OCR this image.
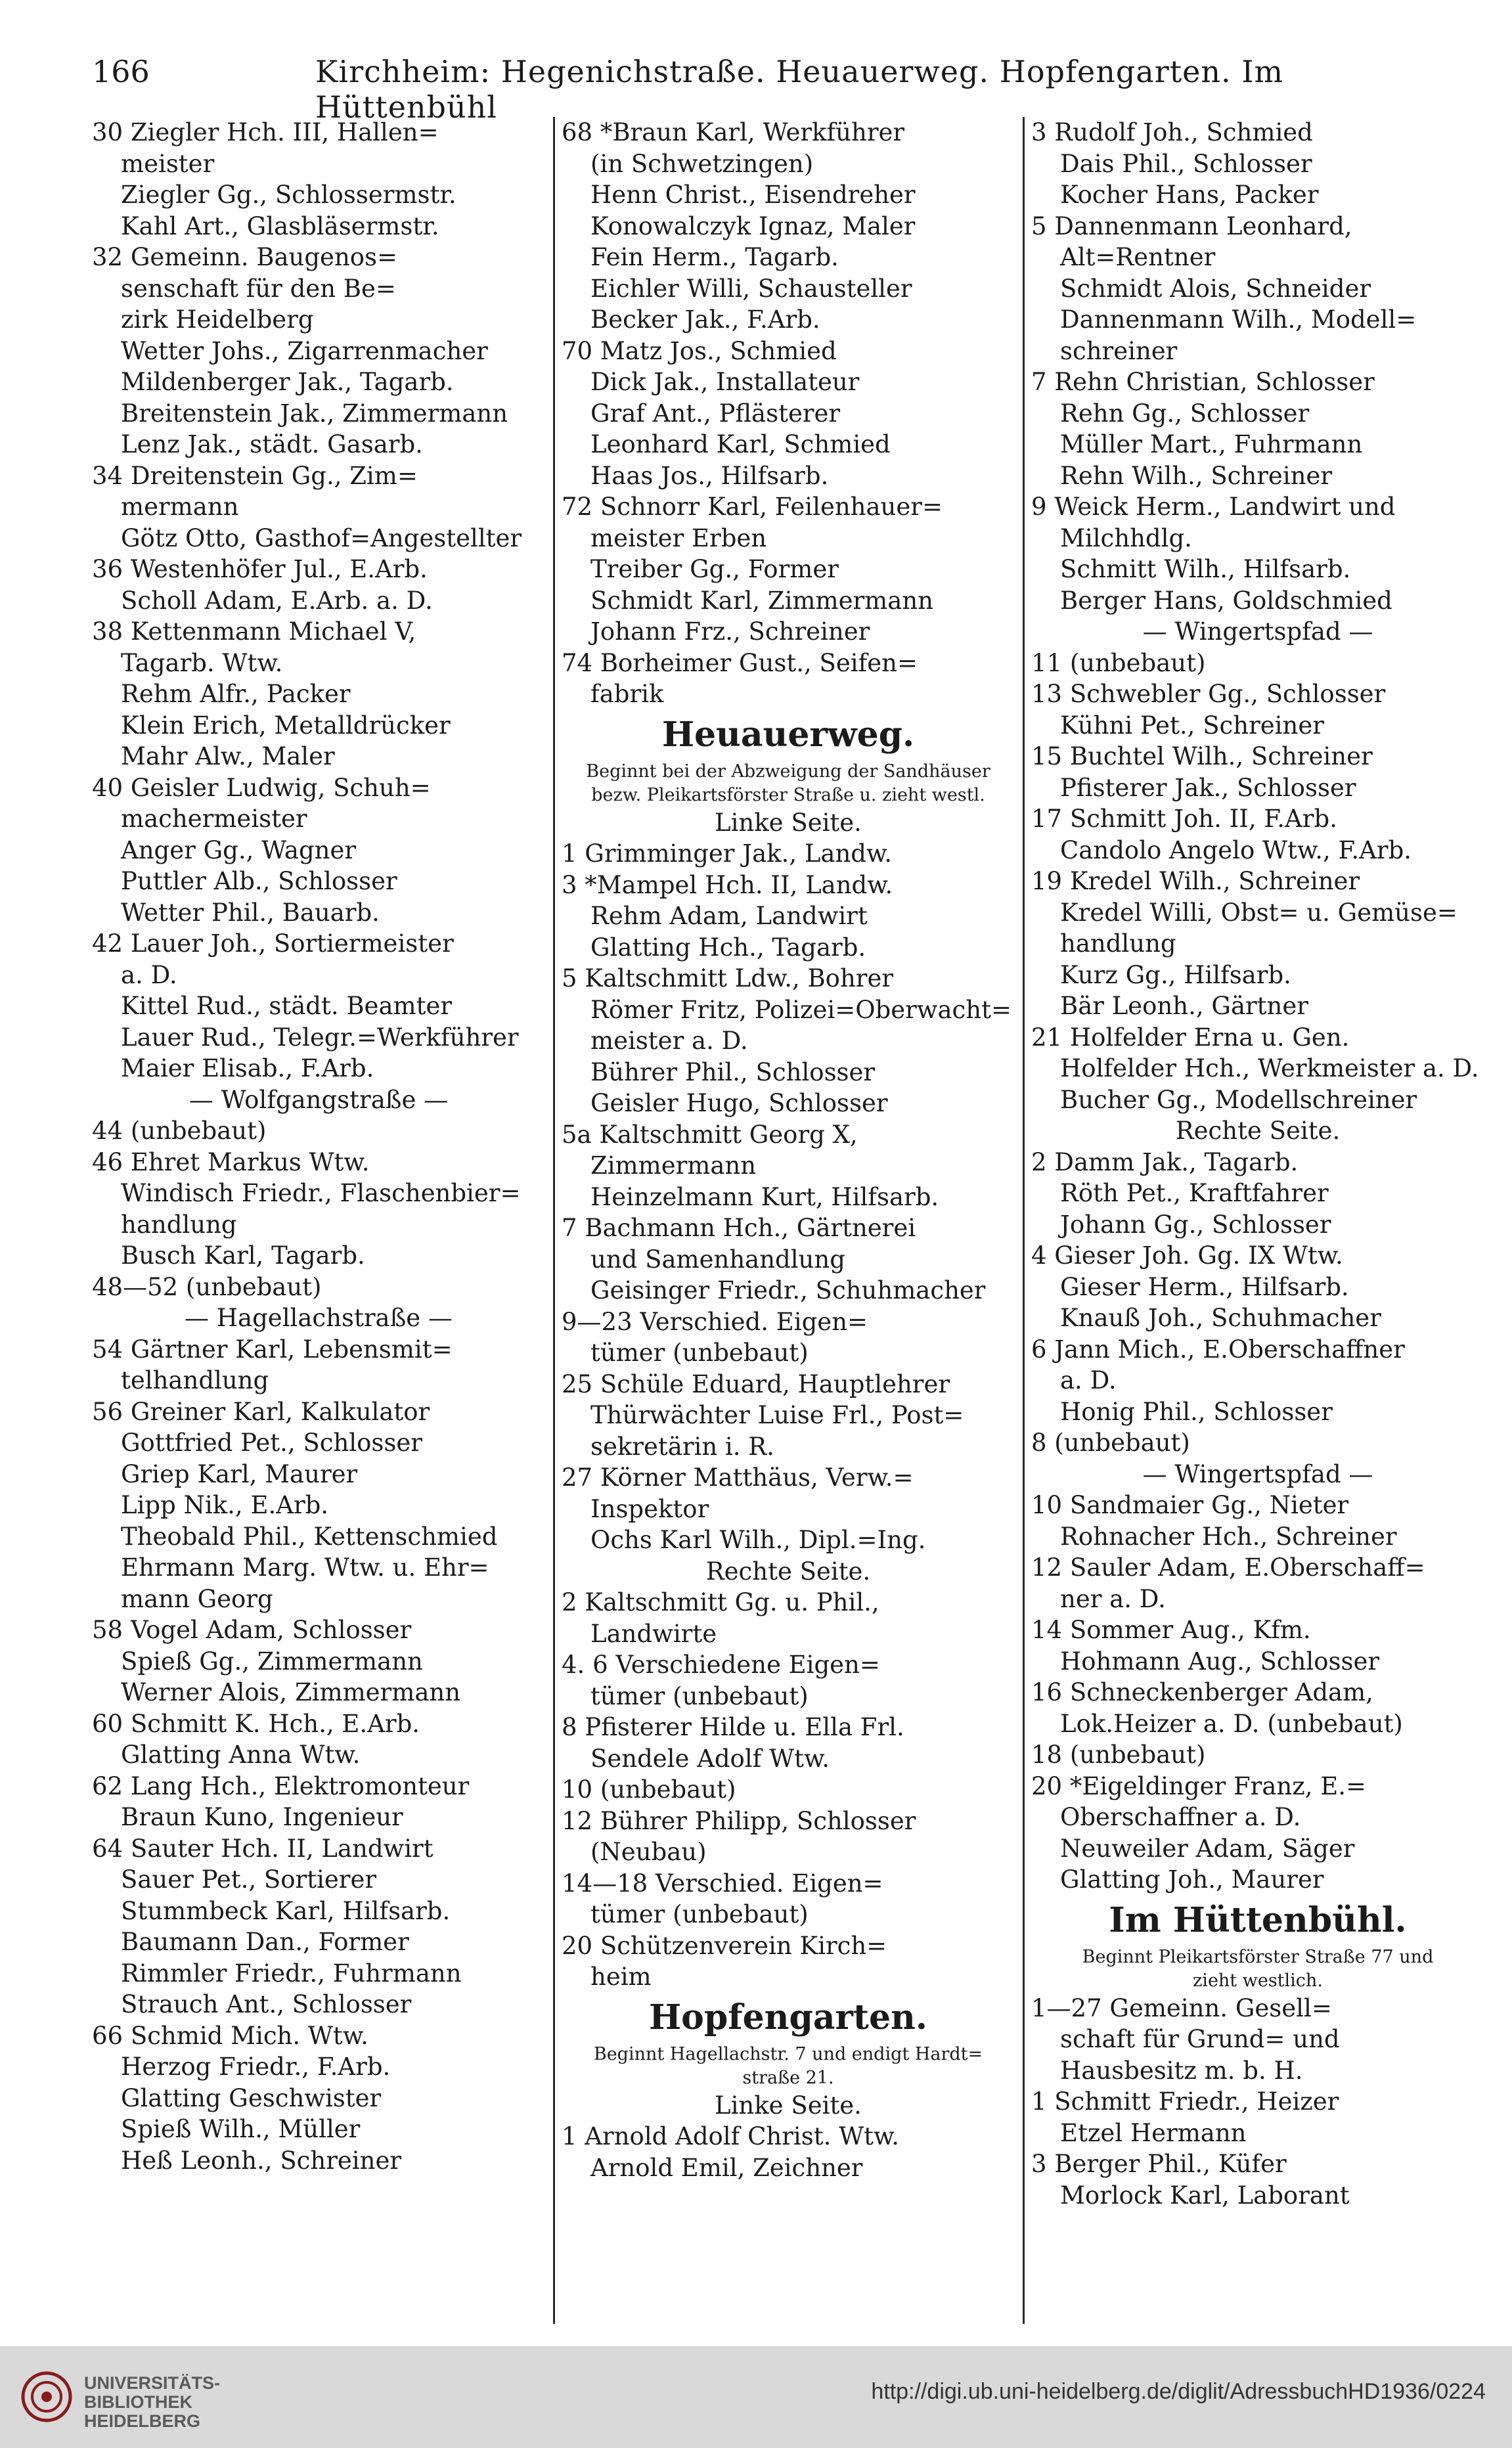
166	Kirchheim: Hegenichstraße. Heuauerweg. Hopfengarten. Im Hüttenbühl
30 Ziegler Hch. III, Hallen=
meister
Ziegler Gg., Schlossermstr.
Kahl Art., Glasbläsermstr.
32 Gemeinn. Baugenos=
senschaft für den Be=
zirk Heidelberg
Wetter Johs., Zigarrenmacher
Mildenberger Jak., Tagarb.
Breitenstein Jak., Zimmermann
Lenz Jak., städt. Gasarb.
34 Dreitenstein Gg., Zim=
mermann
Götz Otto, Gasthof=Angestellter
36 Westenhöfer Jul., E.Arb.
Scholl Adam, E.Arb. a. D.
38 Kettenmann Michael V,
Tagarb. Wtw.
Rehm Alfr., Packer
Klein Erich, Metalldrücker
Mahr Alw., Maler
40 Geisler Ludwig, Schuh=
machermeister
Anger Gg., Wagner
Puttler Alb., Schlosser
Wetter Phil., Bauarb.
42 Lauer Joh., Sortiermeister
a. D.
Kittel Rud., städt. Beamter
Lauer Rud., Telegr.=Werkführer
Maier Elisab., F.Arb.
— Wolfgangstraße —
44 (unbebaut)
46 Ehret Markus Wtw.
Windisch Friedr., Flaschenbier=
handlung
Busch Karl, Tagarb.
48—52 (unbebaut)
— Hagellachstraße —
54 Gärtner Karl, Lebensmit=
telhandlung
56 Greiner Karl, Kalkulator
Gottfried Pet., Schlosser
Griep Karl, Maurer
Lipp Nik., E.Arb.
Theobald Phil., Kettenschmied
Ehrmann Marg. Wtw. u. Ehr=
mann Georg
58 Vogel Adam, Schlosser
Spieß Gg., Zimmermann
Werner Alois, Zimmermann
60 Schmitt K. Hch., E.Arb.
Glatting Anna Wtw.
62 Lang Hch., Elektromonteur
Braun Kuno, Ingenieur
64 Sauter Hch. II, Landwirt
Sauer Pet., Sortierer
Stummbeck Karl, Hilfsarb.
Baumann Dan., Former
Rimmler Friedr., Fuhrmann
Strauch Ant., Schlosser
66 Schmid Mich. Wtw.
Herzog Friedr., F.Arb.
Glatting Geschwister
Spieß Wilh., Müller
Heß Leonh., Schreiner
68 *Braun Karl, Werkführer
(in Schwetzingen)
Henn Christ., Eisendreher
Konowalczyk Ignaz, Maler
Fein Herm., Tagarb.
Eichler Willi, Schausteller
Becker Jak., F.Arb.
70 Matz Jos., Schmied
Dick Jak., Installateur
Graf Ant., Pflästerer
Leonhard Karl, Schmied
Haas Jos., Hilfsarb.
72 Schnorr Karl, Feilenhauer=
meister Erben
Treiber Gg., Former
Schmidt Karl, Zimmermann
Johann Frz., Schreiner
74 Borheimer Gust., Seifen=
fabrik
Heuauerweg.
Beginnt bei der Abzweigung der Sandhäuser
bezw. Pleikartsförster Straße u. zieht westl.
Linke Seite.
1 Grimminger Jak., Landw.
3 *Mampel Hch. II, Landw.
Rehm Adam, Landwirt
Glatting Hch., Tagarb.
5 Kaltschmitt Ldw., Bohrer
Römer Fritz, Polizei=Oberwacht=
meister a. D.
Bührer Phil., Schlosser
Geisler Hugo, Schlosser
5a Kaltschmitt Georg X,
Zimmermann
Heinzelmann Kurt, Hilfsarb.
7 Bachmann Hch., Gärtnerei
und Samenhandlung
Geisinger Friedr., Schuhmacher
9—23 Verschied. Eigen=
tümer (unbebaut)
25 Schüle Eduard, Hauptlehrer
Thürwächter Luise Frl., Post=
sekretärin i. R.
27 Körner Matthäus, Verw.=
Inspektor
Ochs Karl Wilh., Dipl.=Ing.
Rechte Seite.
2 Kaltschmitt Gg. u. Phil.,
Landwirte
4. 6 Verschiedene Eigen=
tümer (unbebaut)
8 Pfisterer Hilde u. Ella Frl.
Sendele Adolf Wtw.
10 (unbebaut)
12 Bührer Philipp, Schlosser
(Neubau)
14—18 Verschied. Eigen=
tümer (unbebaut)
20 Schützenverein Kirch=
heim
Hopfengarten.
Beginnt Hagellachstr. 7 und endigt Hardt=
straße 21.
Linke Seite.
1 Arnold Adolf Christ. Wtw.
Arnold Emil, Zeichner
3 Rudolf Joh., Schmied
Dais Phil., Schlosser
Kocher Hans, Packer
5 Dannenmann Leonhard,
Alt=Rentner
Schmidt Alois, Schneider
Dannenmann Wilh., Modell=
schreiner
7 Rehn Christian, Schlosser
Rehn Gg., Schlosser
Müller Mart., Fuhrmann
Rehn Wilh., Schreiner
9 Weick Herm., Landwirt und
Milchhdlg.
Schmitt Wilh., Hilfsarb.
Berger Hans, Goldschmied
— Wingertspfad —
11 (unbebaut)
13 Schwebler Gg., Schlosser
Kühni Pet., Schreiner
15 Buchtel Wilh., Schreiner
Pfisterer Jak., Schlosser
17 Schmitt Joh. II, F.Arb.
Candolo Angelo Wtw., F.Arb.
19 Kredel Wilh., Schreiner
Kredel Willi, Obst= u. Gemüse=
handlung
Kurz Gg., Hilfsarb.
Bär Leonh., Gärtner
21 Holfelder Erna u. Gen.
Holfelder Hch., Werkmeister a. D.
Bucher Gg., Modellschreiner
Rechte Seite.
2 Damm Jak., Tagarb.
Röth Pet., Kraftfahrer
Johann Gg., Schlosser
4 Gieser Joh. Gg. IX Wtw.
Gieser Herm., Hilfsarb.
Knauß Joh., Schuhmacher
6 Jann Mich., E.Oberschaffner
a. D.
Honig Phil., Schlosser
8 (unbebaut)
— Wingertspfad —
10 Sandmaier Gg., Nieter
Rohnacher Hch., Schreiner
12 Sauler Adam, E.Oberschaff=
ner a. D.
14 Sommer Aug., Kfm.
Hohmann Aug., Schlosser
16 Schneckenberger Adam,
Lok.Heizer a. D. (unbebaut)
18 (unbebaut)
20 *Eigeldinger Franz, E.=
Oberschaffner a. D.
Neuweiler Adam, Säger
Glatting Joh., Maurer
Im Hüttenbühl.
Beginnt Pleikartsförster Straße 77 und
zieht westlich.
1—27 Gemeinn. Gesell=
schaft für Grund= und
Hausbesitz m. b. H.
1 Schmitt Friedr., Heizer
Etzel Hermann
3 Berger Phil., Küfer
Morlock Karl, Laborant
UNIVERSITÄTS-
BIBLIOTHEK
HEIDELBERG
http://digi.ub.uni-heidelberg.de/diglit/AdressbuchHD1936/0224
